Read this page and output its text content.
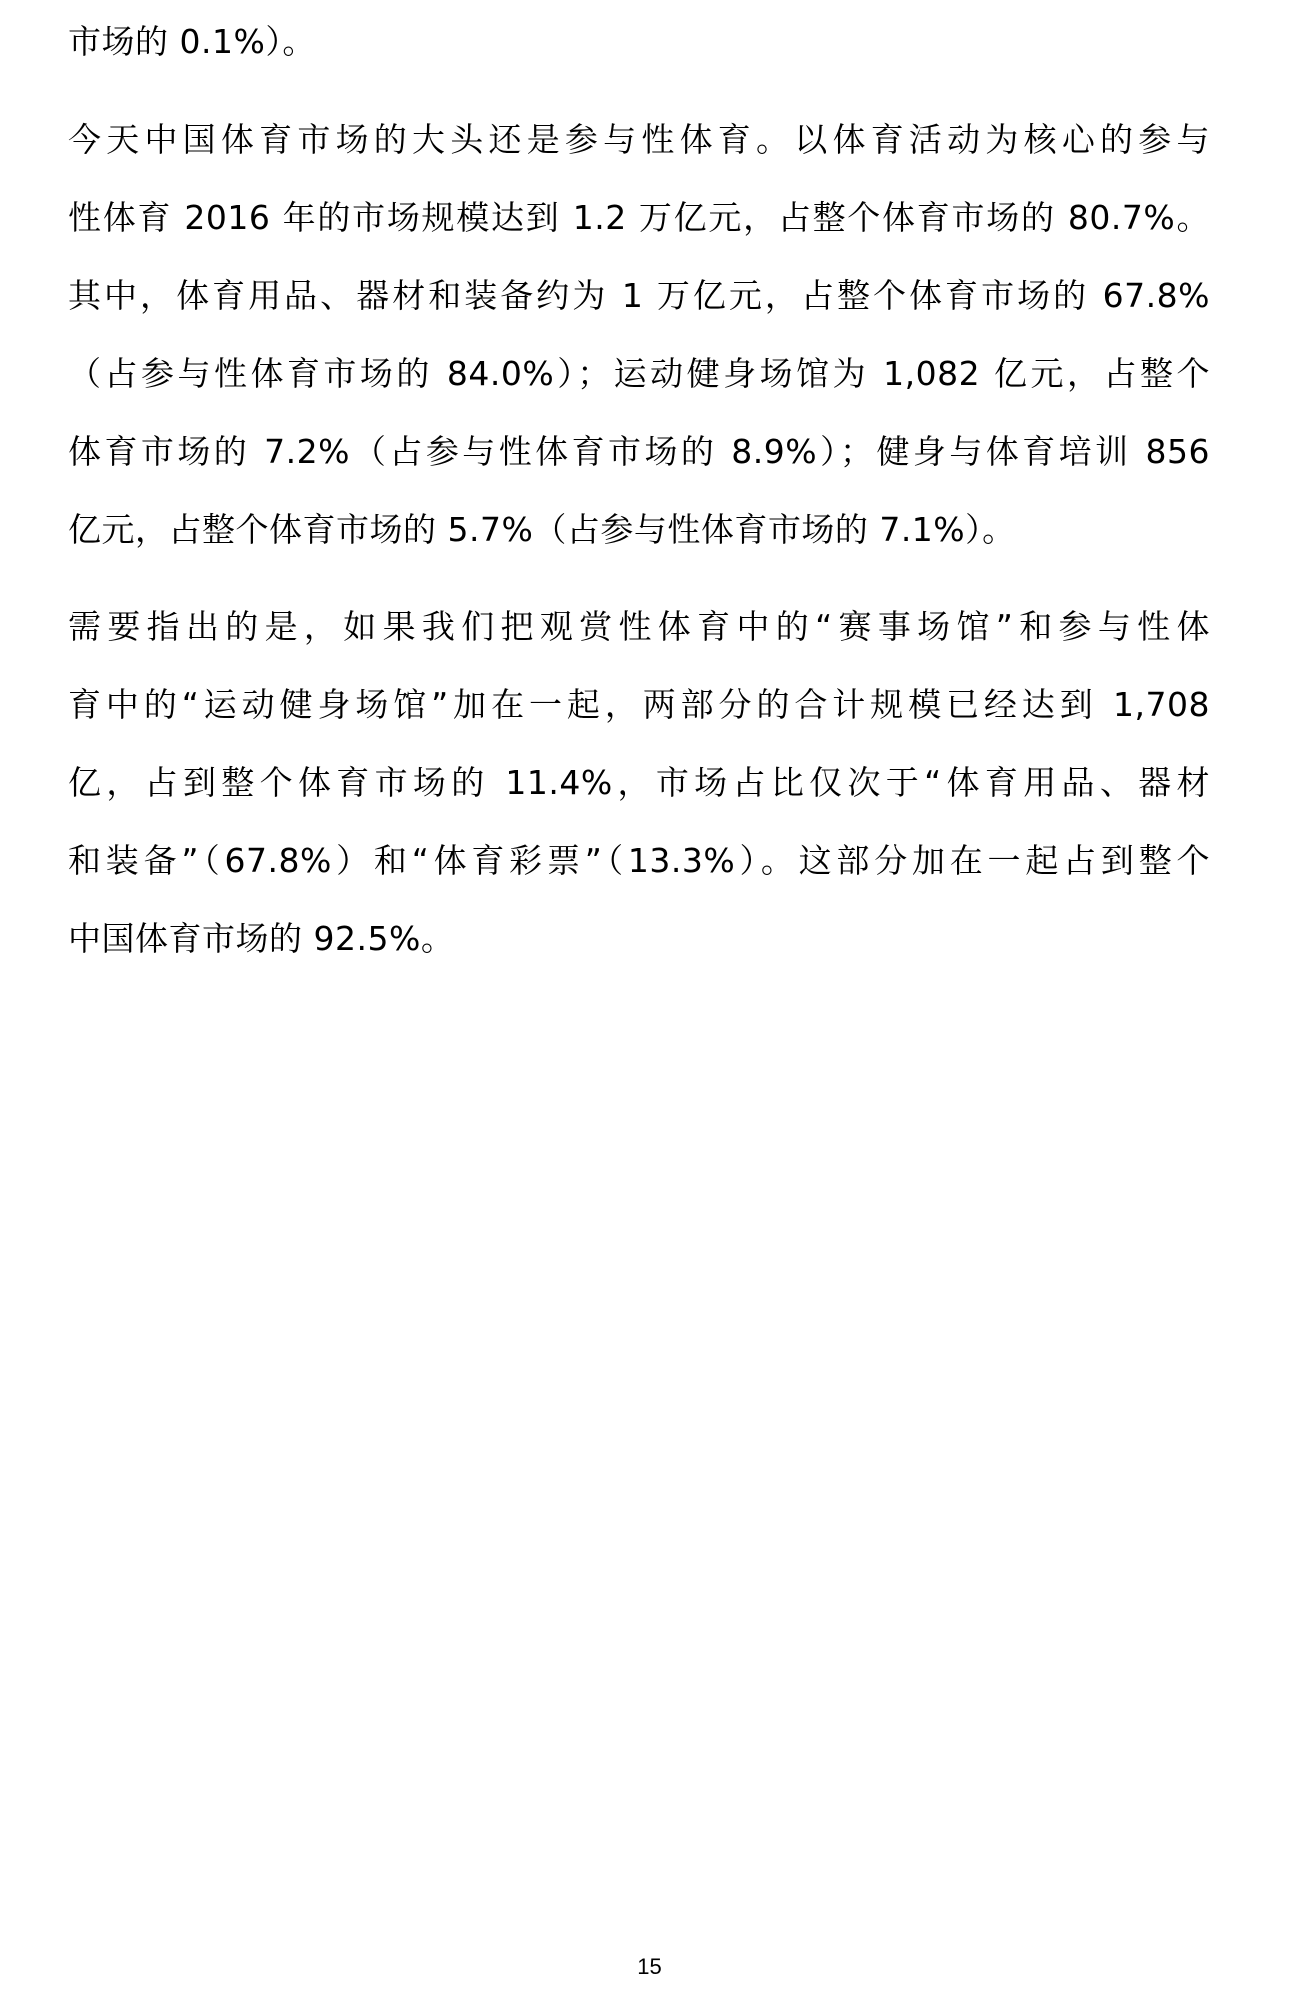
市场的 0.1%）。
今天中国体育市场的大头还是参与性体育。以体育活动为核心的参与
性体育 2016 年的市场规模达到 1.2 万亿元，占整个体育市场的 80.7%。
其中，体育用品、器材和装备约为 1 万亿元，占整个体育市场的 67.8%
（占参与性体育市场的 84.0%）；运动健身场馆为 1,082 亿元，占整个
体育市场的 7.2%（占参与性体育市场的 8.9%）；健身与体育培训 856
亿元，占整个体育市场的 5.7%（占参与性体育市场的 7.1%）。
需要指出的是，如果我们把观赏性体育中的“赛事场馆”和参与性体
育中的“运动健身场馆”加在一起，两部分的合计规模已经达到 1,708
亿，占到整个体育市场的 11.4%，市场占比仅次于“体育用品、器材
和装备”（67.8%）和“体育彩票”（13.3%）。这部分加在一起占到整个
中国体育市场的 92.5%。
15
